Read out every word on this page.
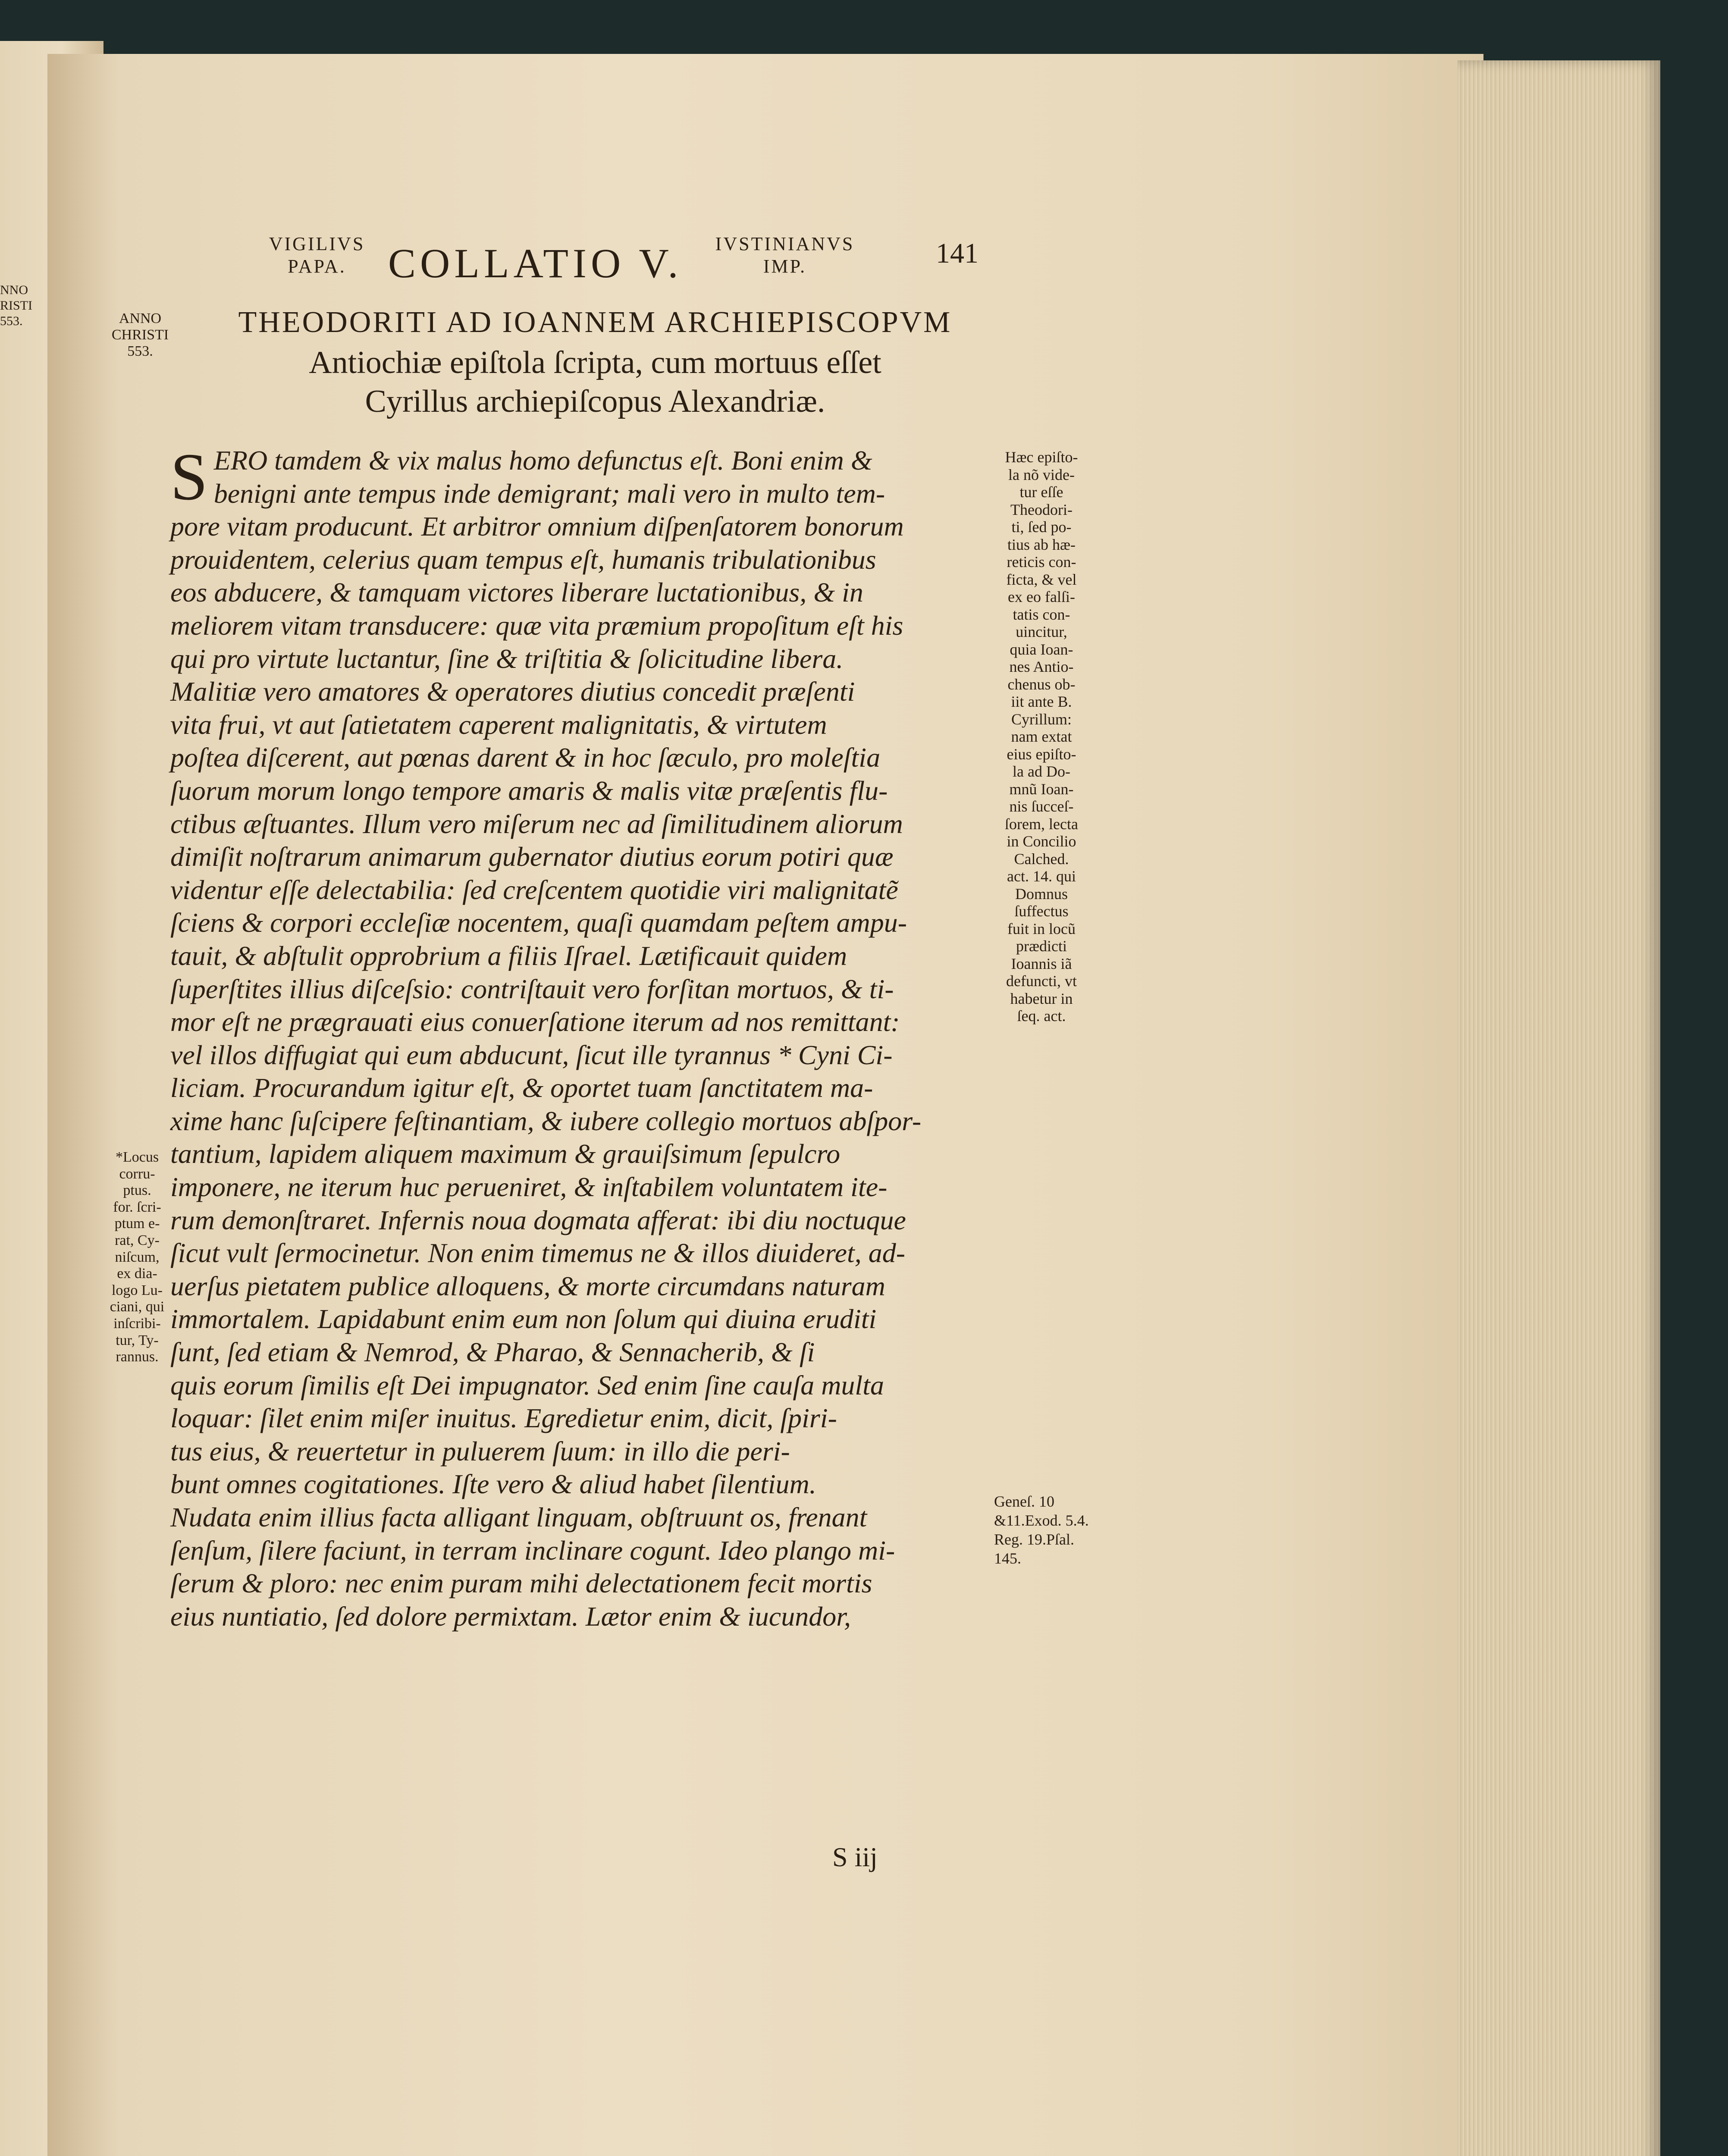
NNO
RISTI
553.
VIGILIVS
PAPA.	COLLATIO V.	IVSTINIANVS
IMP.	141
ANNO
CHRISTI
553.
THEODORITI AD IOANNEM ARCHIEPISCOPVM
Antiochiæ epiſtola ſcripta, cum mortuus eſſet
Cyrillus archiepiſcopus Alexandriæ.
S ERO tamdem & vix malus homo defunctus eſt. Boni enim &
benigni ante tempus inde demigrant; mali vero in multo tem-
pore vitam producunt. Et arbitror omnium diſpenſatorem bonorum
prouidentem, celerius quam tempus eſt, humanis tribulationibus
eos abducere, & tamquam victores liberare luctationibus, & in
meliorem vitam transducere: quæ vita præmium propoſitum eſt his
qui pro virtute luctantur, ſine & triſtitia & ſolicitudine libera.
Malitiæ vero amatores & operatores diutius concedit præſenti
vita frui, vt aut ſatietatem caperent malignitatis, & virtutem
poſtea diſcerent, aut pœnas darent & in hoc ſæculo, pro moleſtia
ſuorum morum longo tempore amaris & malis vitæ præſentis flu-
ctibus æſtuantes. Illum vero miſerum nec ad ſimilitudinem aliorum
dimiſit noſtrarum animarum gubernator diutius eorum potiri quæ
videntur eſſe delectabilia: ſed creſcentem quotidie viri malignitatẽ
ſciens & corpori eccleſiæ nocentem, quaſi quamdam peſtem ampu-
tauit, & abſtulit opprobrium a filiis Iſrael. Lætificauit quidem
ſuperſtites illius diſceſsio: contriſtauit vero forſitan mortuos, & ti-
mor eſt ne prægrauati eius conuerſatione iterum ad nos remittant:
vel illos diffugiat qui eum abducunt, ſicut ille tyrannus * Cyni Ci-
liciam. Procurandum igitur eſt, & oportet tuam ſanctitatem ma-
xime hanc ſuſcipere feſtinantiam, & iubere collegio mortuos abſpor-
tantium, lapidem aliquem maximum & grauiſsimum ſepulcro
imponere, ne iterum huc perueniret, & inſtabilem voluntatem ite-
rum demonſtraret. Infernis noua dogmata afferat: ibi diu noctuque
ſicut vult ſermocinetur. Non enim timemus ne & illos diuideret, ad-
uerſus pietatem publice alloquens, & morte circumdans naturam
immortalem. Lapidabunt enim eum non ſolum qui diuina eruditi
ſunt, ſed etiam & Nemrod, & Pharao, & Sennacherib, & ſi
quis eorum ſimilis eſt Dei impugnator. Sed enim ſine cauſa multa
loquar: ſilet enim miſer inuitus. Egredietur enim, dicit, ſpiri-
tus eius, & reuertetur in puluerem ſuum: in illo die peri-
bunt omnes cogitationes. Iſte vero & aliud habet ſilentium.
Nudata enim illius facta alligant linguam, obſtruunt os, frenant
ſenſum, ſilere faciunt, in terram inclinare cogunt. Ideo plango mi-
ſerum & ploro: nec enim puram mihi delectationem fecit mortis
eius nuntiatio, ſed dolore permixtam. Lætor enim & iucundor,
Hæc epiſto-
la nõ vide-
tur eſſe
Theodori-
ti, ſed po-
tius ab hæ-
reticis con-
ficta, & vel
ex eo falſi-
tatis con-
uincitur,
quia Ioan-
nes Antio-
chenus ob-
iit ante B.
Cyrillum:
nam extat
eius epiſto-
la ad Do-
mnũ Ioan-
nis ſucceſ-
ſorem, lecta
in Concilio
Calched.
act. 14. qui
Domnus
ſuffectus
fuit in locũ
prædicti
Ioannis iã
defuncti, vt
habetur in
ſeq. act.
Geneſ. 10 &11.Exod. 5.4. Reg. 19.Pſal. 145.
*Locus
corru-
ptus.
for. ſcri-
ptum e-
rat, Cy-
niſcum,
ex dia-
logo Lu-
ciani, qui
inſcribi-
tur, Ty-
rannus.
S iij
